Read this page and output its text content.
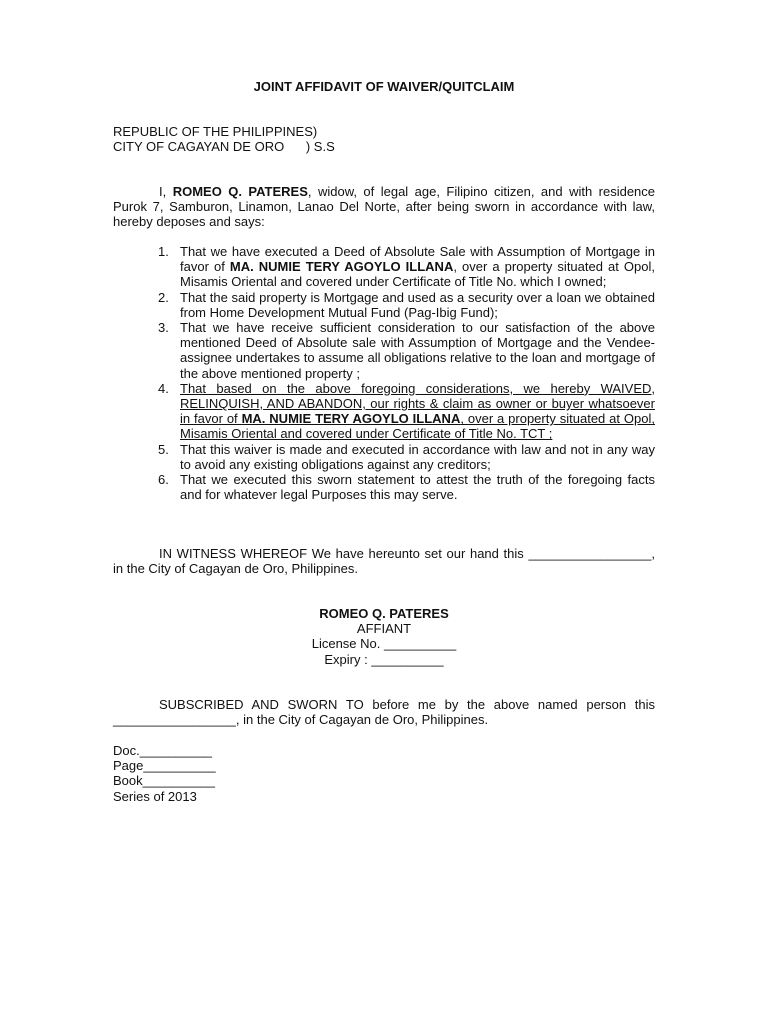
JOINT AFFIDAVIT OF WAIVER/QUITCLAIM
REPUBLIC OF THE PHILIPPINES)
CITY OF CAGAYAN DE ORO      ) S.S
I, ROMEO Q. PATERES, widow, of legal age, Filipino citizen, and with residence Purok 7, Samburon, Linamon, Lanao Del Norte, after being sworn in accordance with law, hereby deposes and says:
1. That we have executed a Deed of Absolute Sale with Assumption of Mortgage in favor of MA. NUMIE TERY AGOYLO ILLANA, over a property situated at Opol, Misamis Oriental and covered under Certificate of Title No. which I owned;
2. That the said property is Mortgage and used as a security over a loan we obtained from Home Development Mutual Fund (Pag-Ibig Fund);
3. That we have receive sufficient consideration to our satisfaction of the above mentioned Deed of Absolute sale with Assumption of Mortgage and the Vendee-assignee undertakes to assume all obligations relative to the loan and mortgage of the above mentioned property ;
4. That based on the above foregoing considerations, we hereby WAIVED, RELINQUISH, AND ABANDON, our rights & claim as owner or buyer whatsoever in favor of MA. NUMIE TERY AGOYLO ILLANA, over a property situated at Opol, Misamis Oriental and covered under Certificate of Title No. TCT ;
5. That this waiver is made and executed in accordance with law and not in any way to avoid any existing obligations against any creditors;
6. That we executed this sworn statement to attest the truth of the foregoing facts and for whatever legal Purposes this may serve.
IN WITNESS WHEREOF We have hereunto set our hand this _________________, in the City of Cagayan de Oro, Philippines.
ROMEO Q. PATERES
AFFIANT
License No. __________
Expiry : __________
SUBSCRIBED AND SWORN TO before me by the above named person this _________________, in the City of Cagayan de Oro, Philippines.
Doc.__________
Page__________
Book__________
Series of 2013
